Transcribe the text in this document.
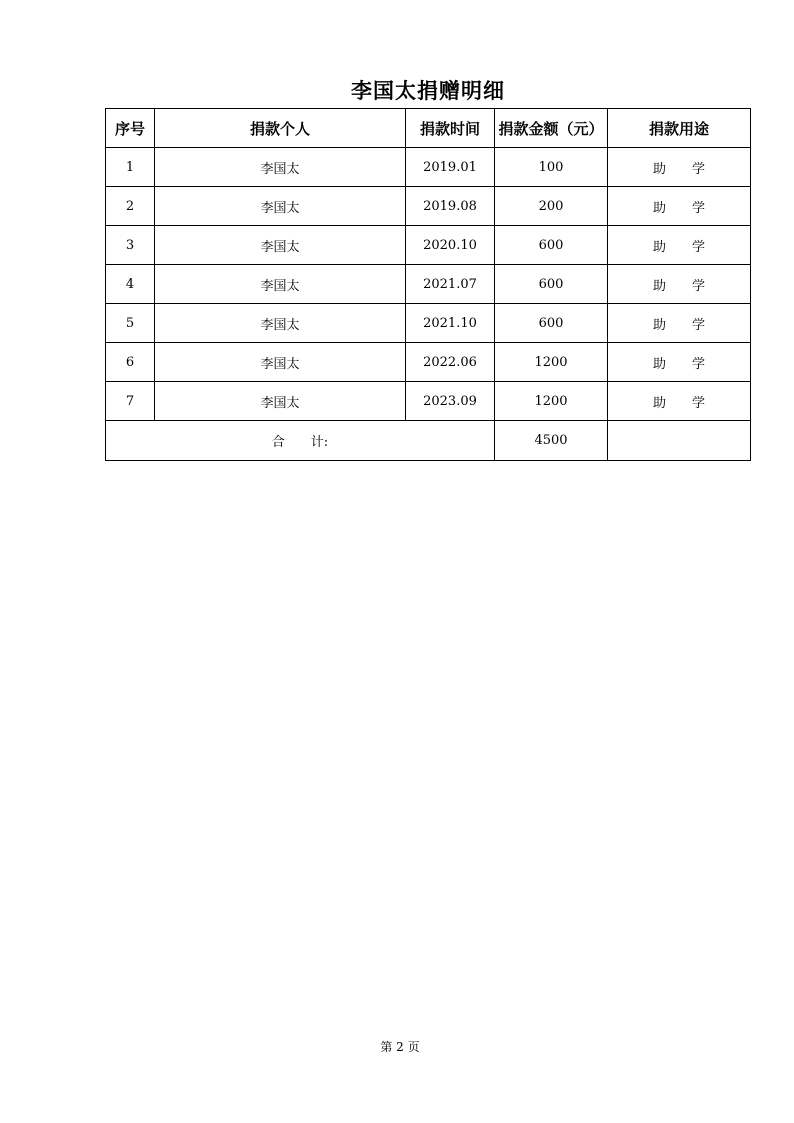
李国太捐赠明细
序号	捐款个人	捐款时间	捐款金额（元）	捐款用途
1	李国太	2019.01	100	助　　学
2	李国太	2019.08	200	助　　学
3	李国太	2020.10	600	助　　学
4	李国太	2021.07	600	助　　学
5	李国太	2021.10	600	助　　学
6	李国太	2022.06	1200	助　　学
7	李国太	2023.09	1200	助　　学
合　　计:			4500	
第 2 页
